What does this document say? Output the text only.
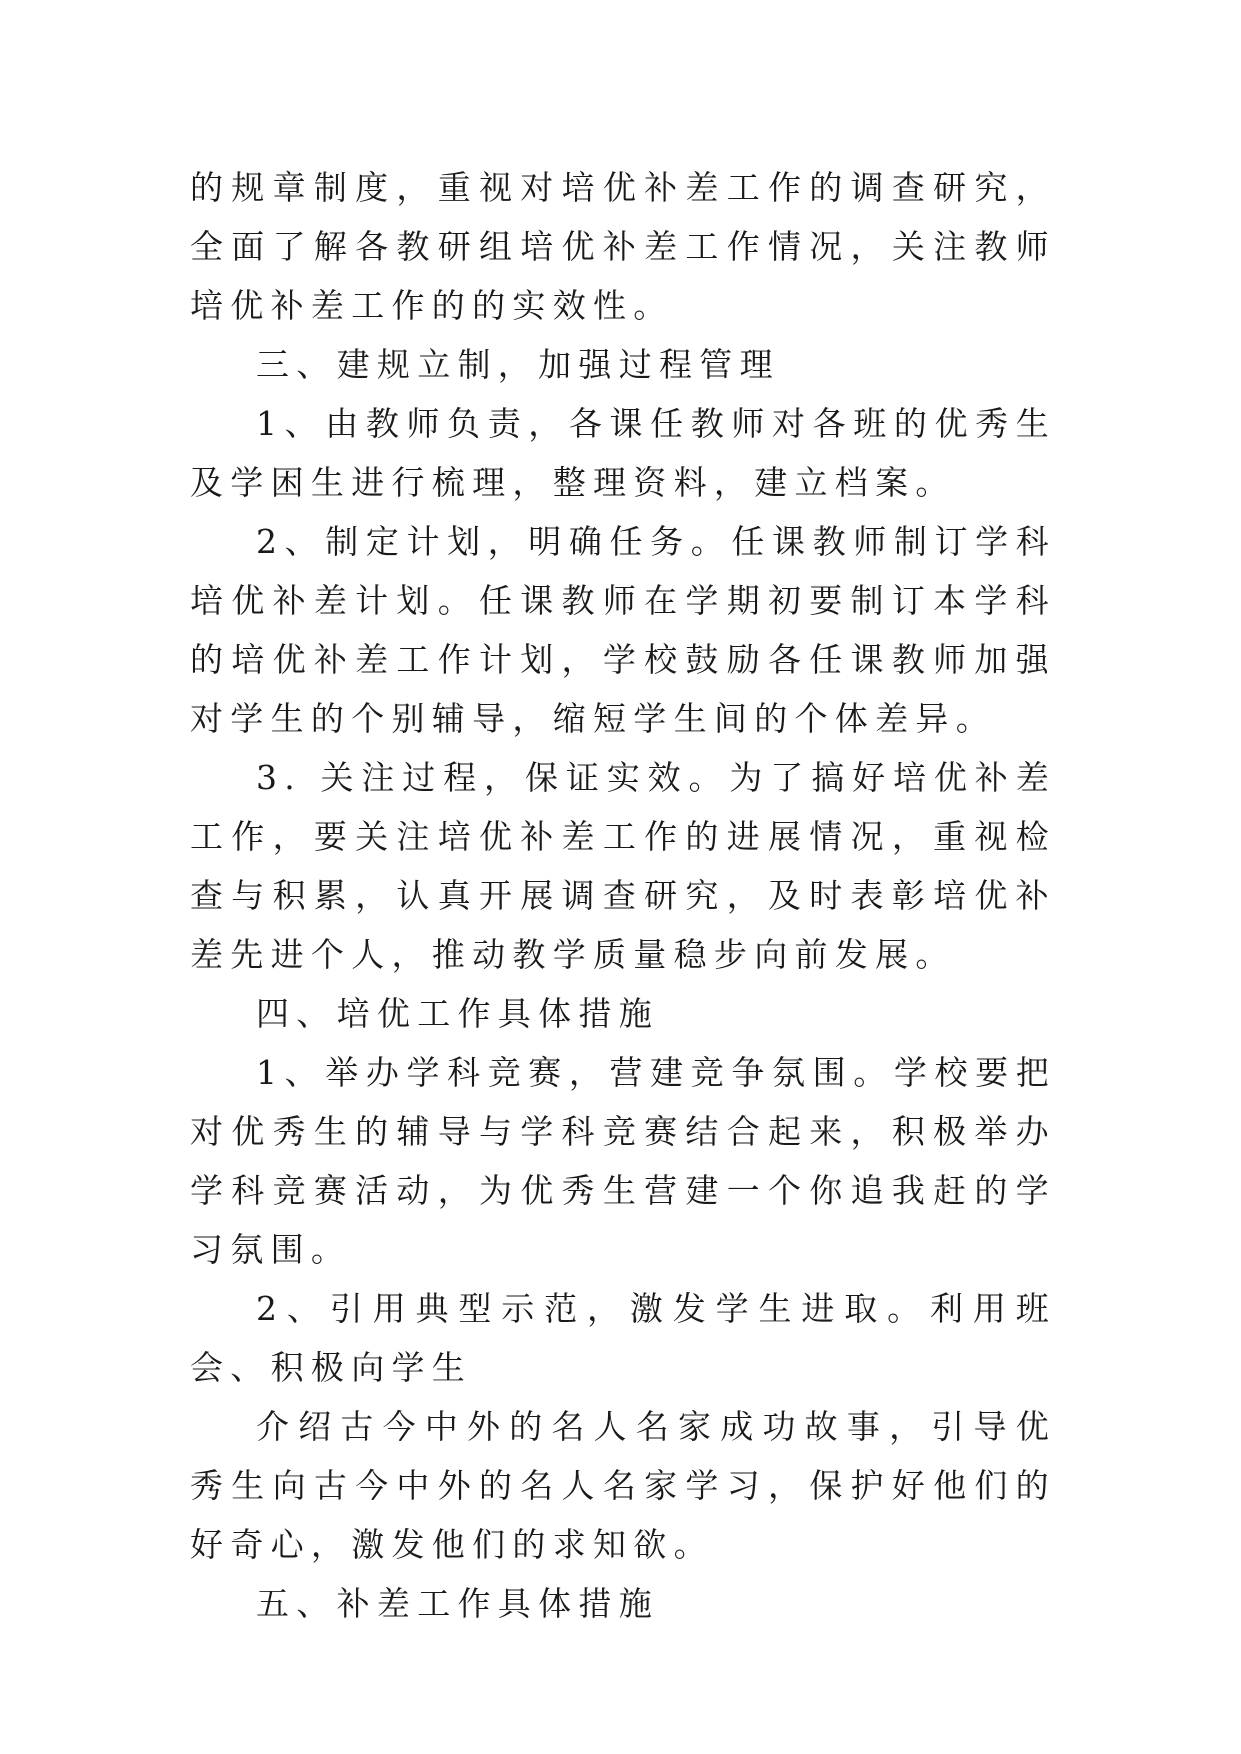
的规章制度，重视对培优补差工作的调查研究，全面了解各教研组培优补差工作情况，关注教师培优补差工作的的实效性。

三、建规立制，加强过程管理

1、由教师负责，各课任教师对各班的优秀生及学困生进行梳理，整理资料，建立档案。

2、制定计划，明确任务。任课教师制订学科培优补差计划。任课教师在学期初要制订本学科的培优补差工作计划，学校鼓励各任课教师加强对学生的个别辅导，缩短学生间的个体差异。

3. 关注过程，保证实效。为了搞好培优补差工作，要关注培优补差工作的进展情况，重视检查与积累，认真开展调查研究，及时表彰培优补差先进个人，推动教学质量稳步向前发展。

四、培优工作具体措施

1、举办学科竞赛，营建竞争氛围。学校要把对优秀生的辅导与学科竞赛结合起来，积极举办学科竞赛活动，为优秀生营建一个你追我赶的学习氛围。

2、引用典型示范，激发学生进取。利用班会、积极向学生

介绍古今中外的名人名家成功故事，引导优秀生向古今中外的名人名家学习，保护好他们的好奇心，激发他们的求知欲。

五、补差工作具体措施
